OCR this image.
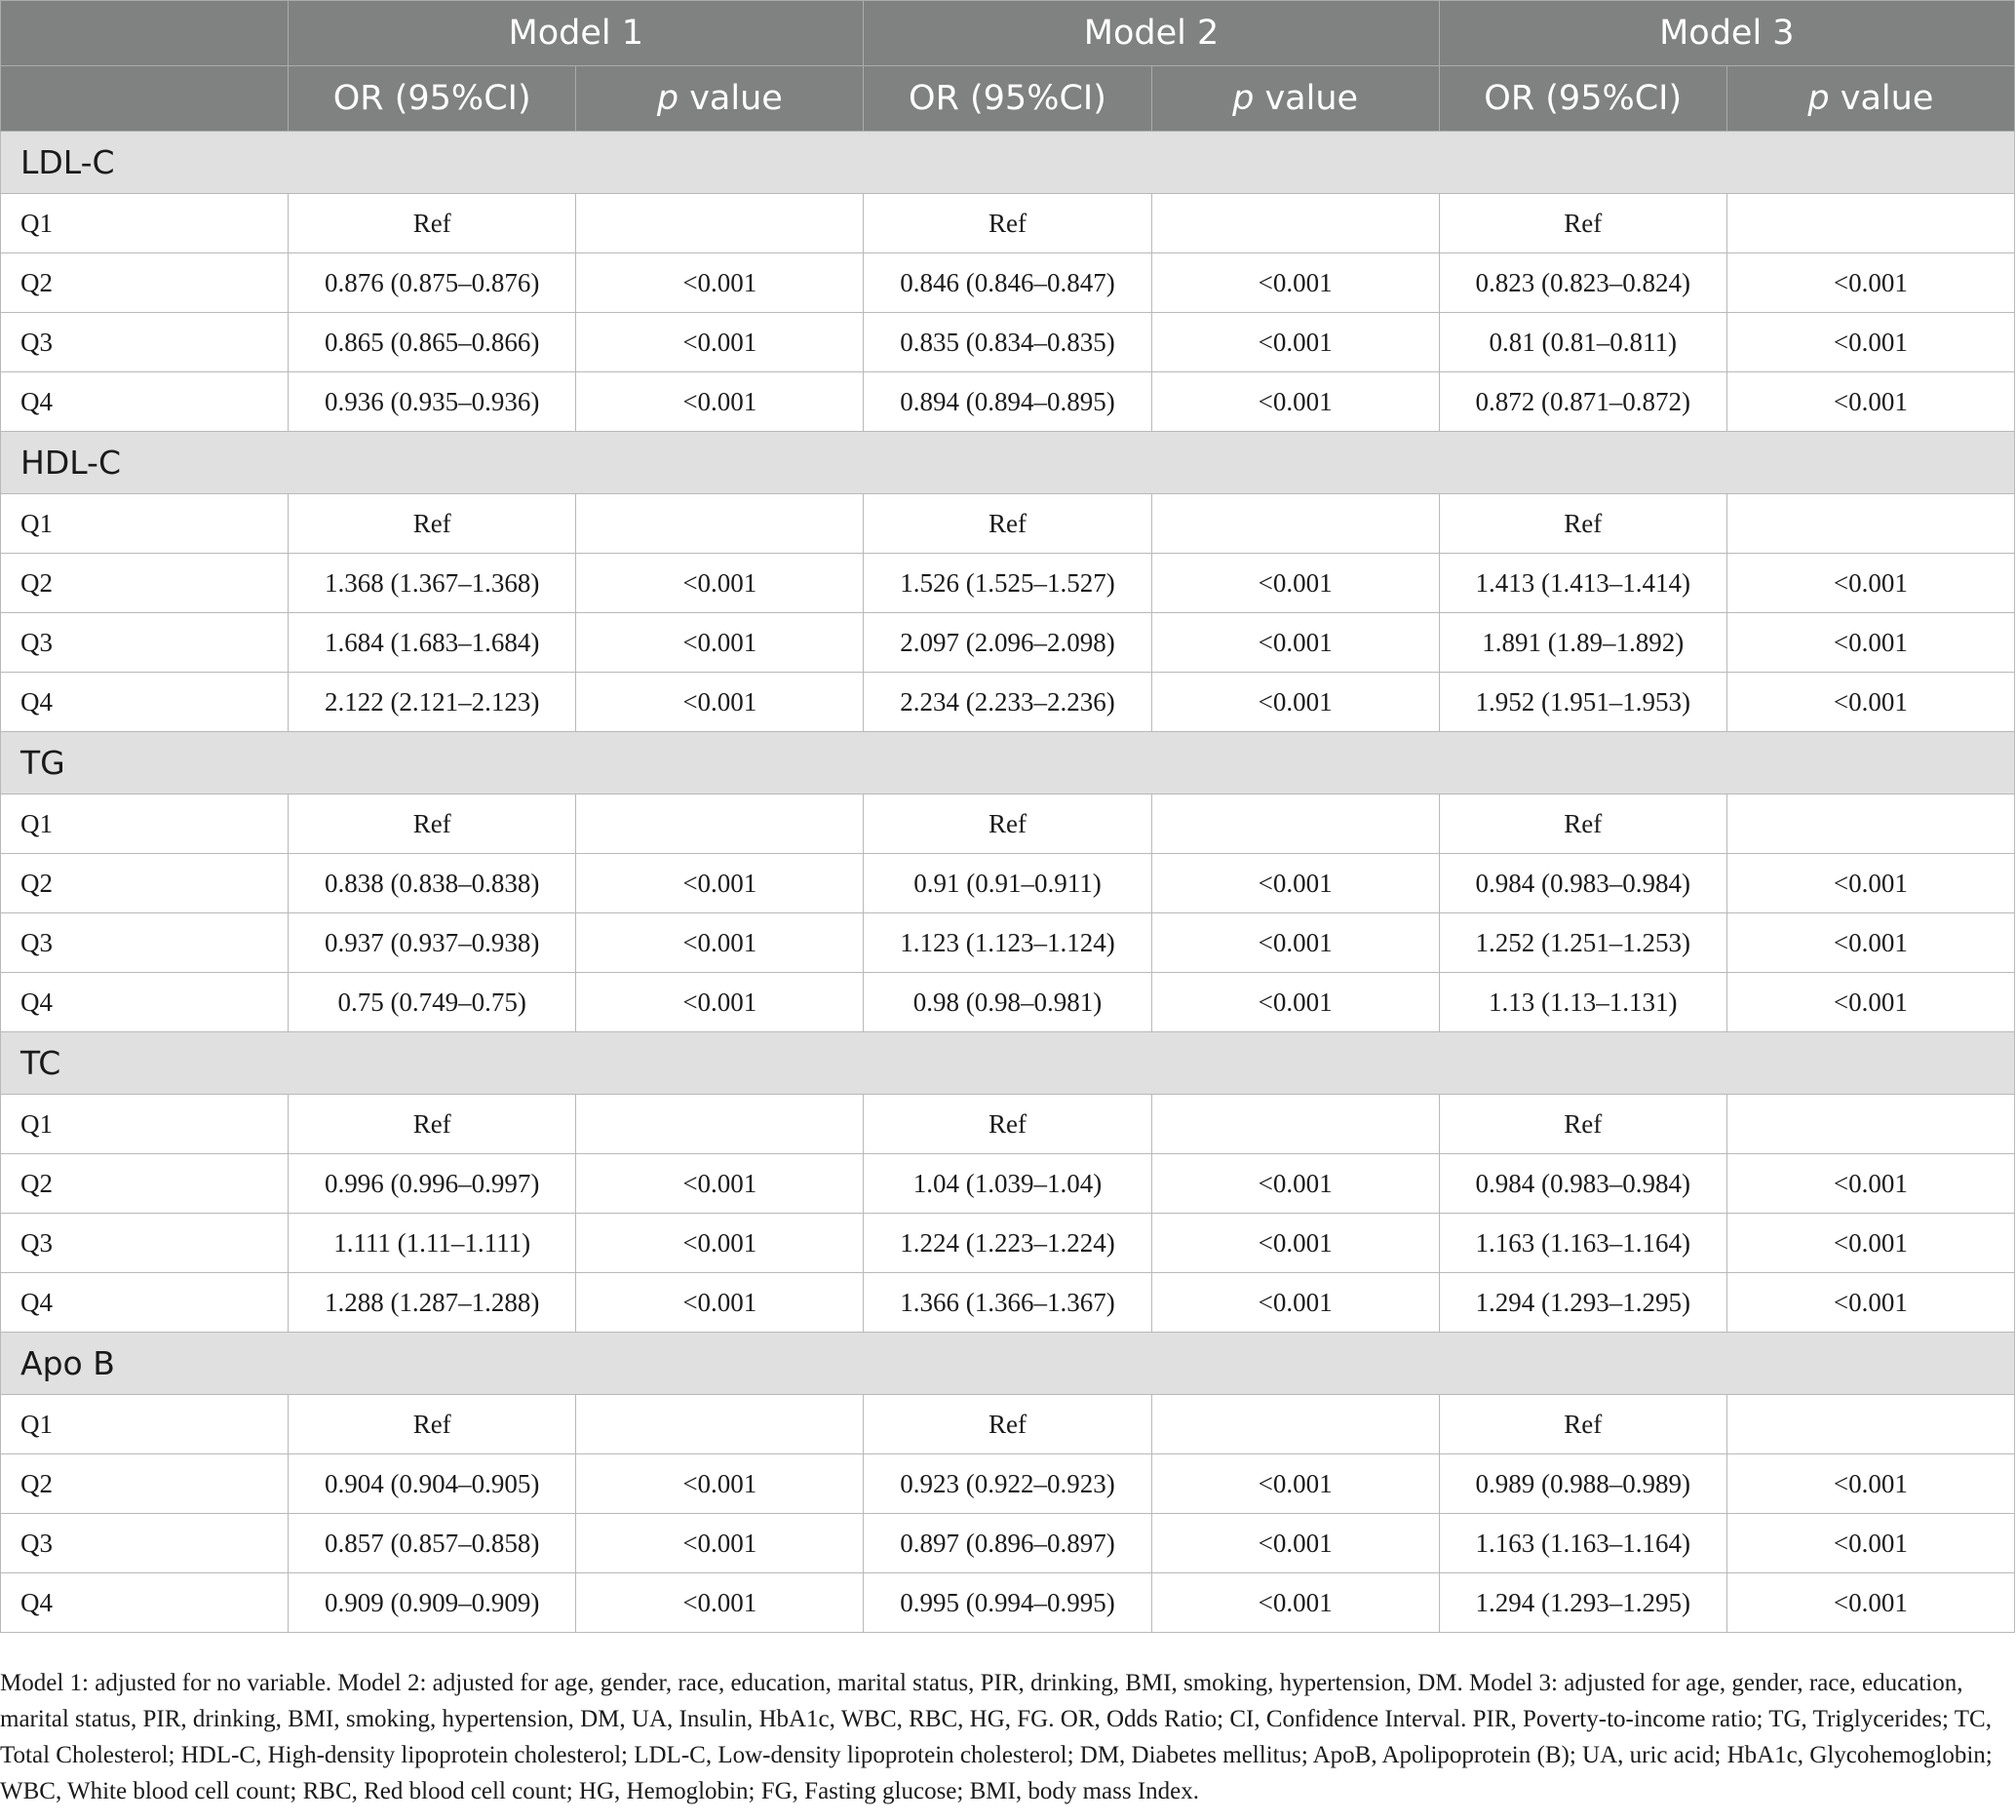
	Model 1		Model 2		Model 3	
	OR (95%CI)	p value	OR (95%CI)	p value	OR (95%CI)	p value
LDL-C						
Q1	Ref		Ref		Ref	
Q2	0.876 (0.875–0.876)	<0.001	0.846 (0.846–0.847)	<0.001	0.823 (0.823–0.824)	<0.001
Q3	0.865 (0.865–0.866)	<0.001	0.835 (0.834–0.835)	<0.001	0.81 (0.81–0.811)	<0.001
Q4	0.936 (0.935–0.936)	<0.001	0.894 (0.894–0.895)	<0.001	0.872 (0.871–0.872)	<0.001
HDL-C						
Q1	Ref		Ref		Ref	
Q2	1.368 (1.367–1.368)	<0.001	1.526 (1.525–1.527)	<0.001	1.413 (1.413–1.414)	<0.001
Q3	1.684 (1.683–1.684)	<0.001	2.097 (2.096–2.098)	<0.001	1.891 (1.89–1.892)	<0.001
Q4	2.122 (2.121–2.123)	<0.001	2.234 (2.233–2.236)	<0.001	1.952 (1.951–1.953)	<0.001
TG						
Q1	Ref		Ref		Ref	
Q2	0.838 (0.838–0.838)	<0.001	0.91 (0.91–0.911)	<0.001	0.984 (0.983–0.984)	<0.001
Q3	0.937 (0.937–0.938)	<0.001	1.123 (1.123–1.124)	<0.001	1.252 (1.251–1.253)	<0.001
Q4	0.75 (0.749–0.75)	<0.001	0.98 (0.98–0.981)	<0.001	1.13 (1.13–1.131)	<0.001
TC						
Q1	Ref		Ref		Ref	
Q2	0.996 (0.996–0.997)	<0.001	1.04 (1.039–1.04)	<0.001	0.984 (0.983–0.984)	<0.001
Q3	1.111 (1.11–1.111)	<0.001	1.224 (1.223–1.224)	<0.001	1.163 (1.163–1.164)	<0.001
Q4	1.288 (1.287–1.288)	<0.001	1.366 (1.366–1.367)	<0.001	1.294 (1.293–1.295)	<0.001
Apo B						
Q1	Ref		Ref		Ref	
Q2	0.904 (0.904–0.905)	<0.001	0.923 (0.922–0.923)	<0.001	0.989 (0.988–0.989)	<0.001
Q3	0.857 (0.857–0.858)	<0.001	0.897 (0.896–0.897)	<0.001	1.163 (1.163–1.164)	<0.001
Q4	0.909 (0.909–0.909)	<0.001	0.995 (0.994–0.995)	<0.001	1.294 (1.293–1.295)	<0.001
Model 1: adjusted for no variable. Model 2: adjusted for age, gender, race, education, marital status, PIR, drinking, BMI, smoking, hypertension, DM. Model 3: adjusted for age, gender, race, education, marital status, PIR, drinking, BMI, smoking, hypertension, DM, UA, Insulin, HbA1c, WBC, RBC, HG, FG. OR, Odds Ratio; CI, Confidence Interval. PIR, Poverty-to-income ratio; TG, Triglycerides; TC, Total Cholesterol; HDL-C, High-density lipoprotein cholesterol; LDL-C, Low-density lipoprotein cholesterol; DM, Diabetes mellitus; ApoB, Apolipoprotein (B); UA, uric acid; HbA1c, Glycohemoglobin; WBC, White blood cell count; RBC, Red blood cell count; HG, Hemoglobin; FG, Fasting glucose; BMI, body mass Index.
